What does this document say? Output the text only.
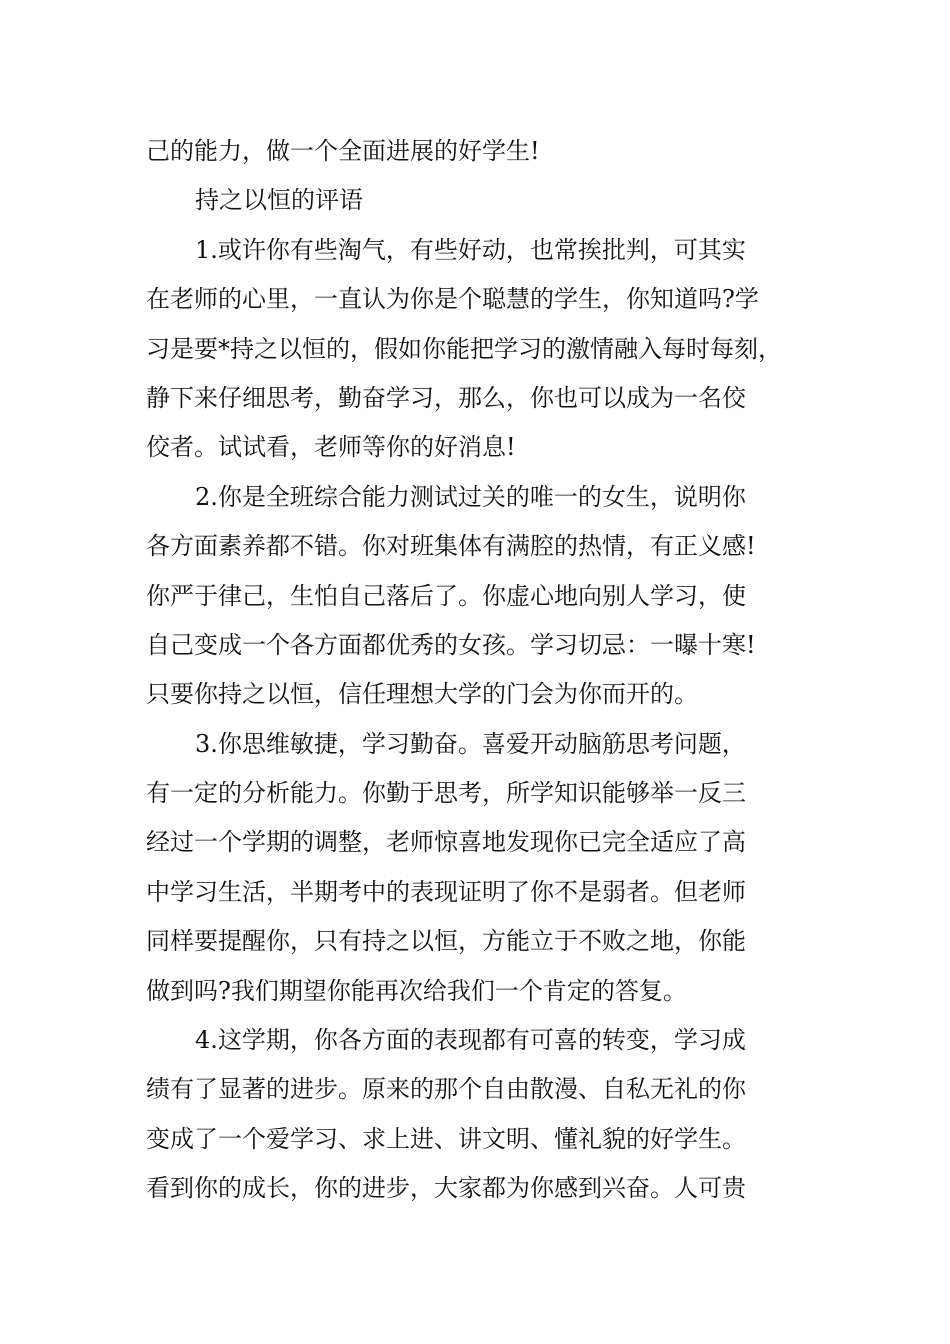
己的能力，做一个全面进展的好学生!
持之以恒的评语
1.或许你有些淘气，有些好动，也常挨批判，可其实
在老师的心里，一直认为你是个聪慧的学生，你知道吗?学
习是要*持之以恒的，假如你能把学习的激情融入每时每刻，
静下来仔细思考，勤奋学习，那么，你也可以成为一名佼
佼者。试试看，老师等你的好消息!
2.你是全班综合能力测试过关的唯一的女生，说明你
各方面素养都不错。你对班集体有满腔的热情，有正义感!
你严于律己，生怕自己落后了。你虚心地向别人学习，使
自己变成一个各方面都优秀的女孩。学习切忌：一曝十寒!
只要你持之以恒，信任理想大学的门会为你而开的。
3.你思维敏捷，学习勤奋。喜爱开动脑筋思考问题，
有一定的分析能力。你勤于思考，所学知识能够举一反三
经过一个学期的调整，老师惊喜地发现你已完全适应了高
中学习生活，半期考中的表现证明了你不是弱者。但老师
同样要提醒你，只有持之以恒，方能立于不败之地，你能
做到吗?我们期望你能再次给我们一个肯定的答复。
4.这学期，你各方面的表现都有可喜的转变，学习成
绩有了显著的进步。原来的那个自由散漫、自私无礼的你
变成了一个爱学习、求上进、讲文明、懂礼貌的好学生。
看到你的成长，你的进步，大家都为你感到兴奋。人可贵
